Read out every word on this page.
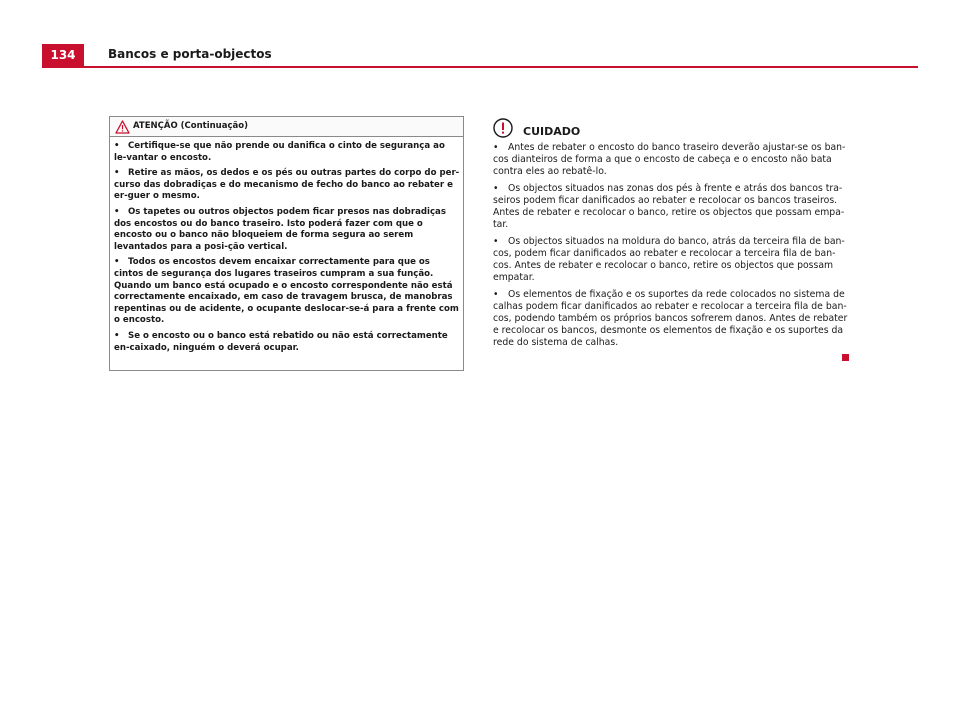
134	Bancos e porta-objectos
ATENÇÃO (Continuação)

• Certifique-se que não prende ou danifica o cinto de segurança ao le-vantar o encosto.

• Retire as mãos, os dedos e os pés ou outras partes do corpo do per-curso das dobradiças e do mecanismo de fecho do banco ao rebater e er-guer o mesmo.

• Os tapetes ou outros objectos podem ficar presos nas dobradiças dos encostos ou do banco traseiro. Isto poderá fazer com que o encosto ou o banco não bloqueiem de forma segura ao serem levantados para a posi-ção vertical.

• Todos os encostos devem encaixar correctamente para que os cintos de segurança dos lugares traseiros cumpram a sua função. Quando um banco está ocupado e o encosto correspondente não está correctamente encaixado, em caso de travagem brusca, de manobras repentinas ou de acidente, o ocupante deslocar-se-á para a frente com o encosto.

• Se o encosto ou o banco está rebatido ou não está correctamente en-caixado, ninguém o deverá ocupar.

CUIDADO

• Antes de rebater o encosto do banco traseiro deverão ajustar-se os ban-cos dianteiros de forma a que o encosto de cabeça e o encosto não bata contra eles ao rebatê-lo.

• Os objectos situados nas zonas dos pés à frente e atrás dos bancos tra-seiros podem ficar danificados ao rebater e recolocar os bancos traseiros. Antes de rebater e recolocar o banco, retire os objectos que possam empa-tar.

• Os objectos situados na moldura do banco, atrás da terceira fila de ban-cos, podem ficar danificados ao rebater e recolocar a terceira fila de ban-cos. Antes de rebater e recolocar o banco, retire os objectos que possam empatar.

• Os elementos de fixação e os suportes da rede colocados no sistema de calhas podem ficar danificados ao rebater e recolocar a terceira fila de ban-cos, podendo também os próprios bancos sofrerem danos. Antes de rebater e recolocar os bancos, desmonte os elementos de fixação e os suportes da rede do sistema de calhas.
